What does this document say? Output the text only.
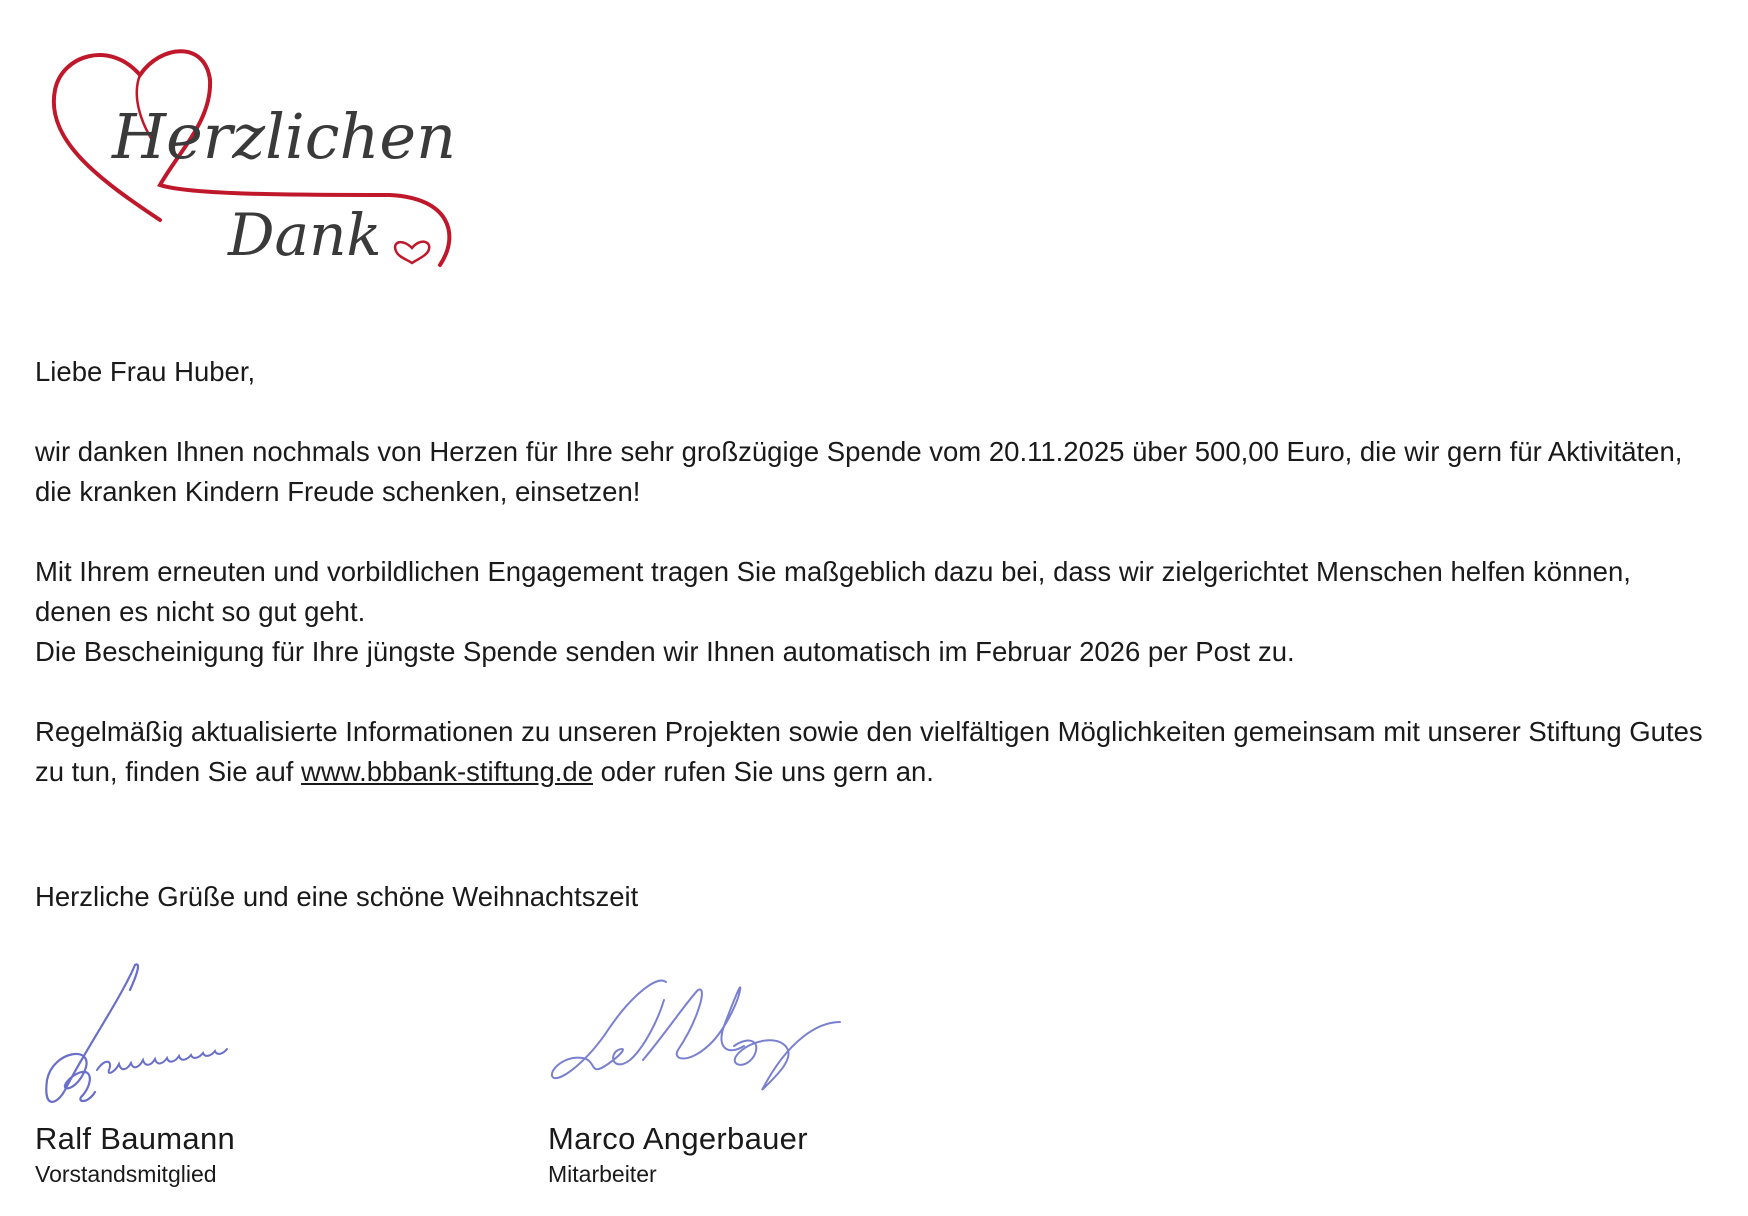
Herzlichen
Dank

Liebe Frau Huber,

wir danken Ihnen nochmals von Herzen für Ihre sehr großzügige Spende vom 20.11.2025 über 500,00 Euro, die wir gern für Aktivitäten, die kranken Kindern Freude schenken, einsetzen!

Mit Ihrem erneuten und vorbildlichen Engagement tragen Sie maßgeblich dazu bei, dass wir zielgerichtet Menschen helfen können, denen es nicht so gut geht.

Die Bescheinigung für Ihre jüngste Spende senden wir Ihnen automatisch im Februar 2026 per Post zu.

Regelmäßig aktualisierte Informationen zu unseren Projekten sowie den vielfältigen Möglichkeiten gemeinsam mit unserer Stiftung Gutes zu tun, finden Sie auf www.bbbank-stiftung.de oder rufen Sie uns gern an.

Herzliche Grüße und eine schöne Weihnachtszeit

Ralf Baumann

Vorstandsmitglied

Marco Angerbauer

Mitarbeiter
